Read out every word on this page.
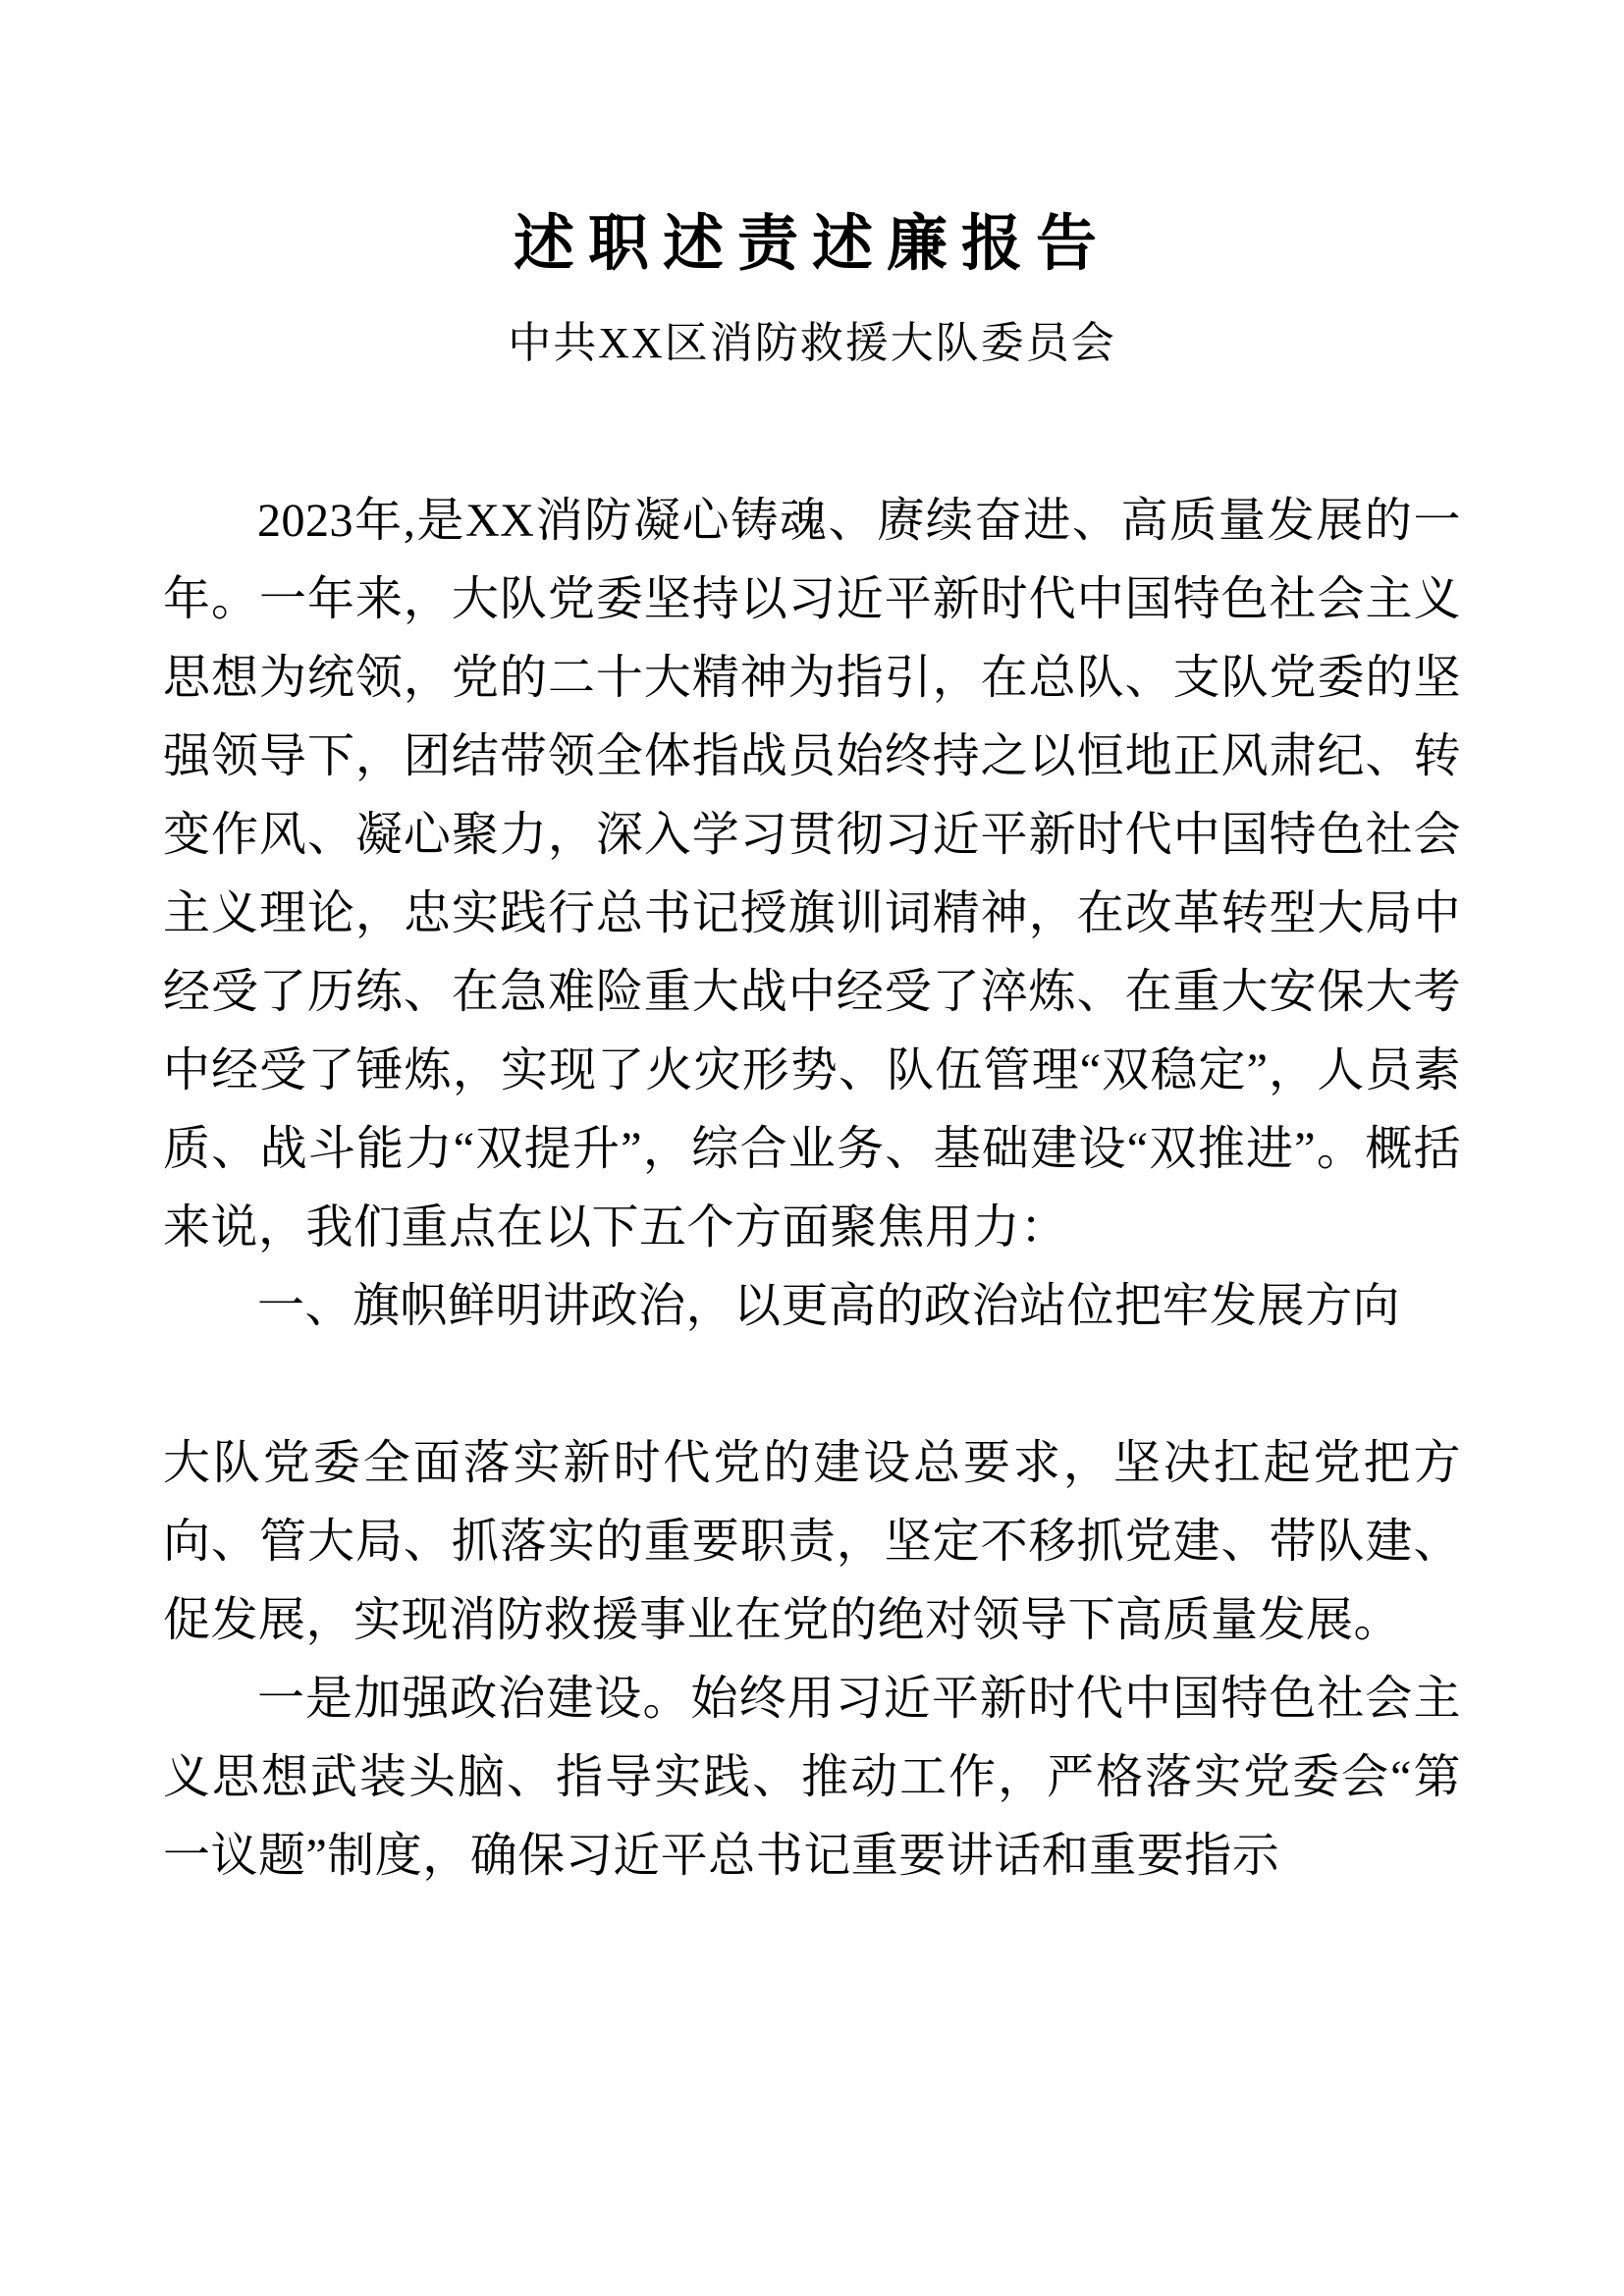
述职述责述廉报告
中共XX区消防救援大队委员会

2023年,是XX消防凝心铸魂、赓续奋进、高质量发展的一年。一年来，大队党委坚持以习近平新时代中国特色社会主义思想为统领，党的二十大精神为指引，在总队、支队党委的坚强领导下，团结带领全体指战员始终持之以恒地正风肃纪、转变作风、凝心聚力，深入学习贯彻习近平新时代中国特色社会主义理论，忠实践行总书记授旗训词精神，在改革转型大局中经受了历练、在急难险重大战中经受了淬炼、在重大安保大考中经受了锤炼，实现了火灾形势、队伍管理“双稳定”，人员素质、战斗能力“双提升”，综合业务、基础建设“双推进”。概括来说，我们重点在以下五个方面聚焦用力：

一、旗帜鲜明讲政治，以更高的政治站位把牢发展方向

大队党委全面落实新时代党的建设总要求，坚决扛起党把方向、管大局、抓落实的重要职责，坚定不移抓党建、带队建、促发展，实现消防救援事业在党的绝对领导下高质量发展。

一是加强政治建设。始终用习近平新时代中国特色社会主义思想武装头脑、指导实践、推动工作，严格落实党委会“第一议题”制度，确保习近平总书记重要讲话和重要指示
